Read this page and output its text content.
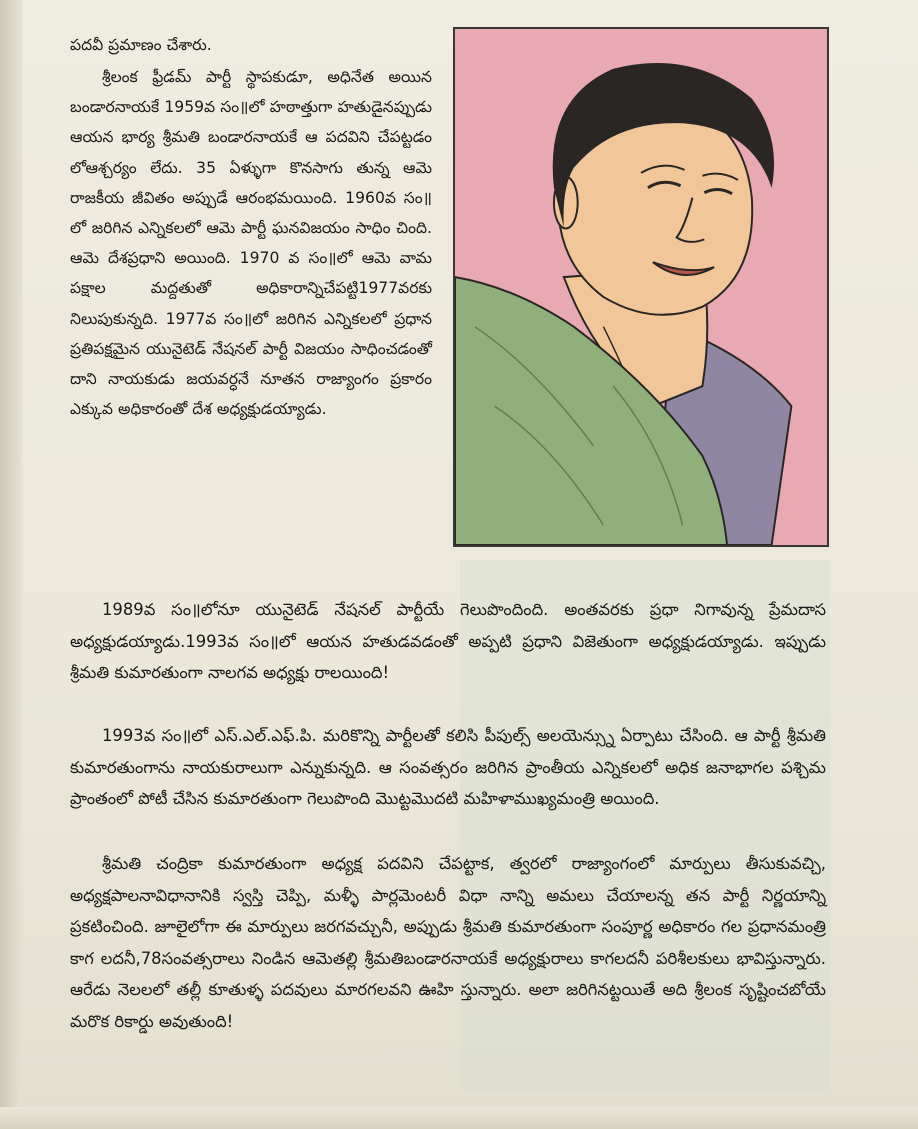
పదవీ ప్రమాణం చేశారు.

శ్రీలంక ఫ్రీడమ్ పార్టీ స్థాపకుడూ, అధినేత అయిన బండారనాయకే 1959వ సం॥లో హఠాత్తుగా హతుడైనప్పుడు ఆయన భార్య శ్రీమతి బండారనాయకే ఆ పదవిని చేపట్టడం లోఆశ్చర్యం లేదు. 35 ఏళ్ళుగా కొనసాగు తున్న ఆమె రాజకీయ జీవితం అప్పుడే ఆరంభమయింది. 1960వ సం॥లో జరిగిన ఎన్నికలలో ఆమె పార్టీ ఘనవిజయం సాధిం చింది. ఆమె దేశప్రధాని అయింది. 1970 వ సం॥లో ఆమె వామ పక్షాల మద్దతుతో అధికారాన్నిచేపట్టి1977వరకు నిలుపుకున్నది. 1977వ సం॥లో జరిగిన ఎన్నికలలో ప్రధాన ప్రతిపక్షమైన యునైటెడ్ నేషనల్ పార్టీ విజయం సాధించడంతో దాని నాయకుడు జయవర్ధనే నూతన రాజ్యాంగం ప్రకారం ఎక్కువ అధికారంతో దేశ అధ్యక్షుడయ్యాడు.

1989వ సం॥లోనూ యునైటెడ్ నేషనల్ పార్టీయే గెలుపొందింది. అంతవరకు ప్రధా నిగావున్న ప్రేమదాస అధ్యక్షుడయ్యాడు.1993వ సం॥లో ఆయన హతుడవడంతో అప్పటి ప్రధాని విజెతుంగా అధ్యక్షుడయ్యాడు. ఇప్పుడు శ్రీమతి కుమారతుంగా నాలగవ అధ్యక్షు రాలయింది!

1993వ సం॥లో ఎస్.ఎల్.ఎఫ్.పి. మరికొన్ని పార్టీలతో కలిసి పీపుల్స్ అలయెన్స్ను ఏర్పాటు చేసింది. ఆ పార్టీ శ్రీమతి కుమారతుంగాను నాయకురాలుగా ఎన్నుకున్నది. ఆ సంవత్సరం జరిగిన ప్రాంతీయ ఎన్నికలలో అధిక జనాభాగల పశ్చిమ ప్రాంతంలో పోటీ చేసిన కుమారతుంగా గెలుపొంది మొట్టమొదటి మహిళాముఖ్యమంత్రి అయింది.

శ్రీమతి చంద్రికా కుమారతుంగా అధ్యక్ష పదవిని చేపట్టాక, త్వరలో రాజ్యాంగంలో మార్పులు తీసుకువచ్చి, అధ్యక్షపాలనావిధానానికి స్వస్తి చెప్పి, మళ్ళీ పార్లమెంటరీ విధా నాన్ని అమలు చేయాలన్న తన పార్టీ నిర్ణయాన్ని ప్రకటించింది. జూలైలోగా ఈ మార్పులు జరగవచ్చునీ, అప్పుడు శ్రీమతి కుమారతుంగా సంపూర్ణ అధికారం గల ప్రధానమంత్రి కాగ లదనీ,78సంవత్సరాలు నిండిన ఆమెతల్లి శ్రీమతిబండారనాయకే అధ్యక్షురాలు కాగలదనీ పరిశీలకులు భావిస్తున్నారు. ఆరేడు నెలలలో తల్లీ కూతుళ్ళ పదవులు మారగలవని ఊహి స్తున్నారు. అలా జరిగినట్టయితే అది శ్రీలంక సృష్టించబోయే మరొక రికార్డు అవుతుంది!
